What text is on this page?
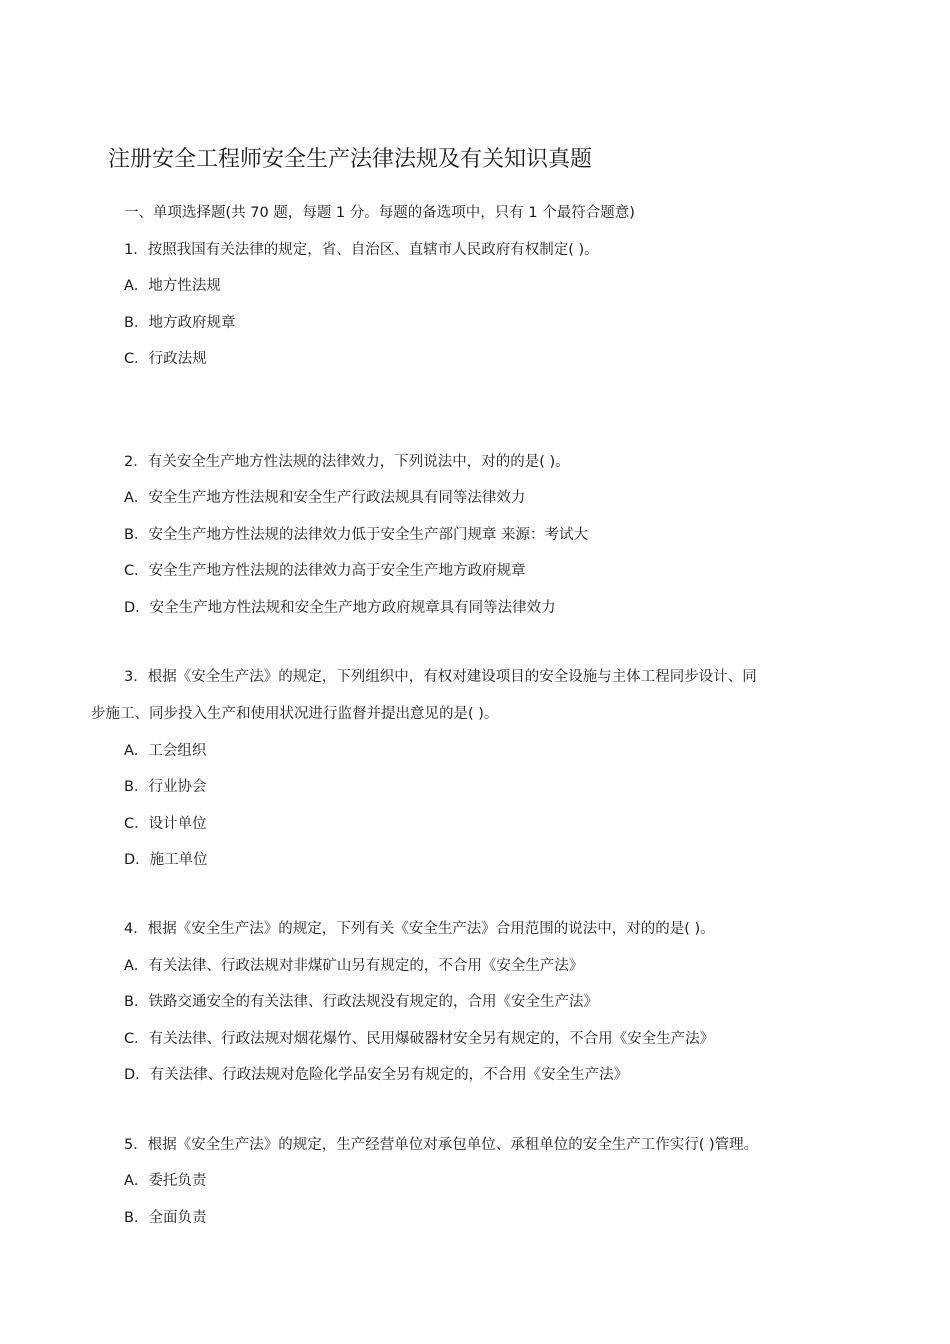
注册安全工程师安全生产法律法规及有关知识真题

一、单项选择题(共 70 题，每题 1 分。每题的备选项中，只有 1 个最符合题意)

1．按照我国有关法律的规定，省、自治区、直辖市人民政府有权制定( )。

A．地方性法规

B．地方政府规章

C．行政法规

2．有关安全生产地方性法规的法律效力，下列说法中，对的的是( )。

A．安全生产地方性法规和安全生产行政法规具有同等法律效力

B．安全生产地方性法规的法律效力低于安全生产部门规章 来源：考试大

C．安全生产地方性法规的法律效力高于安全生产地方政府规章

D．安全生产地方性法规和安全生产地方政府规章具有同等法律效力

3．根据《安全生产法》的规定，下列组织中，有权对建设项目的安全设施与主体工程同步设计、同

步施工、同步投入生产和使用状况进行监督并提出意见的是( )。

A．工会组织

B．行业协会

C．设计单位

D．施工单位

4．根据《安全生产法》的规定，下列有关《安全生产法》合用范围的说法中，对的的是( )。

A．有关法律、行政法规对非煤矿山另有规定的，不合用《安全生产法》

B．铁路交通安全的有关法律、行政法规没有规定的，合用《安全生产法》

C．有关法律、行政法规对烟花爆竹、民用爆破器材安全另有规定的，不合用《安全生产法》

D．有关法律、行政法规对危险化学品安全另有规定的，不合用《安全生产法》

5．根据《安全生产法》的规定，生产经营单位对承包单位、承租单位的安全生产工作实行( )管理。

A．委托负责

B．全面负责
